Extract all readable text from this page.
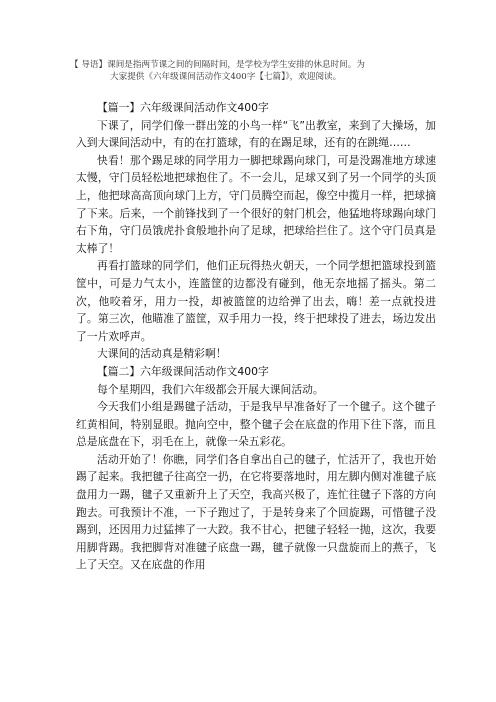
【 导语】课间是指两节课之间的间隔时间，是学校为学生安排的休息时间。为
大家提供《六年级课间活动作文400字【七篇】》，欢迎阅读。

【篇一】六年级课间活动作文400字

下课了，同学们像一群出笼的小鸟一样“飞”出教室，来到了大操场，加入到大课间活动中，有的在打篮球，有的在踢足球，还有的在跳绳……

快看！那个踢足球的同学用力一脚把球踢向球门，可是没踢准地方球速太慢，守门员轻松地把球抱住了。不一会儿，足球又到了另一个同学的头顶上，他把球高高顶向球门上方，守门员腾空而起，像空中揽月一样，把球摘了下来。后来，一个前锋找到了一个很好的射门机会，他猛地将球踢向球门右下角，守门员饿虎扑食般地扑向了足球，把球给拦住了。这个守门员真是太棒了！

再看打篮球的同学们，他们正玩得热火朝天，一个同学想把篮球投到篮筐中，可是力气太小，连篮筐的边都没有碰到，他无奈地摇了摇头。第二次，他咬着牙，用力一投，却被篮筐的边给弹了出去，嗨！差一点就投进了。第三次，他瞄准了篮筐，双手用力一投，终于把球投了进去，场边发出了一片欢呼声。

大课间的活动真是精彩啊！

【篇二】六年级课间活动作文400字

每个星期四，我们六年级都会开展大课间活动。

今天我们小组是踢毽子活动，于是我早早准备好了一个毽子。这个毽子红黄相间，特别显眼。抛向空中，整个毽子会在底盘的作用下往下落，而且总是底盘在下，羽毛在上，就像一朵五彩花。

活动开始了！你瞧，同学们各自拿出自己的毽子，忙活开了，我也开始踢了起来。我把毽子往高空一扔，在它将要落地时，用左脚内侧对准毽子底盘用力一踢，毽子又重新升上了天空，我高兴极了，连忙往毽子下落的方向跑去。可我预计不准，一下子跑过了，于是转身来了个回旋踢，可惜毽子没踢到，还因用力过猛摔了一大跤。我不甘心，把毽子轻轻一抛，这次，我要用脚背踢。我把脚背对准毽子底盘一踢，毽子就像一只盘旋而上的燕子，飞上了天空。又在底盘的作用
